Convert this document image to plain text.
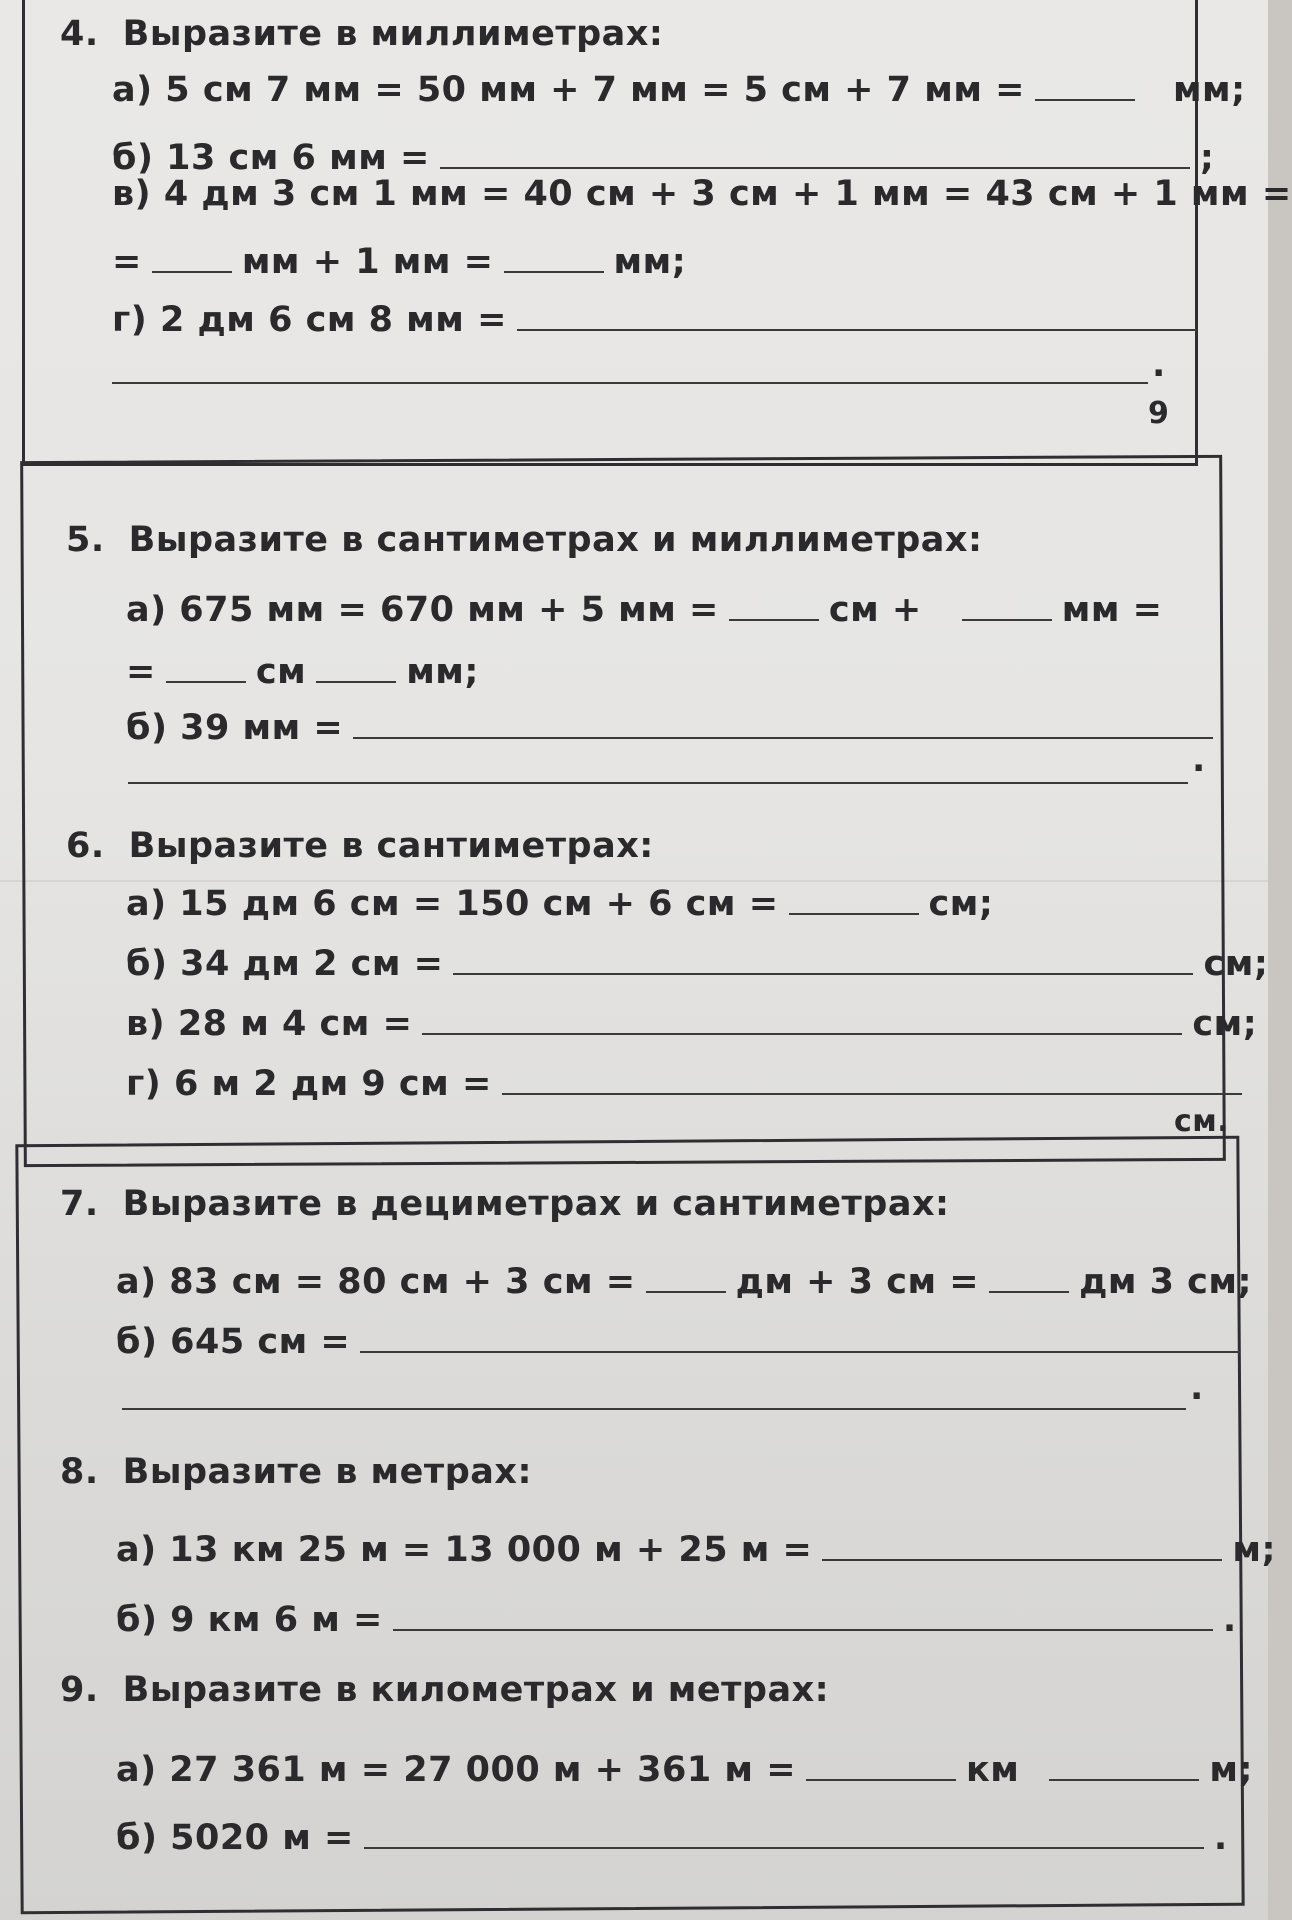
4. Выразите в миллиметрах:
а) 5 см 7 мм = 50 мм + 7 мм = 5 см + 7 мм =	мм;
б) 13 см 6 мм =	;
в) 4 дм 3 см 1 мм = 40 см + 3 см + 1 мм = 43 см + 1 мм =
=	мм + 1 мм =	мм;
г) 2 дм 6 см 8 мм =
.
9
5. Выразите в сантиметрах и миллиметрах:
а) 675 мм = 670 мм + 5 мм =	см +	мм =
=	см	мм;
б) 39 мм =
.
6. Выразите в сантиметрах:
а) 15 дм 6 см = 150 см + 6 см =	см;
б) 34 дм 2 см =	см;
в) 28 м 4 см =	см;
г) 6 м 2 дм 9 см =
см.
7. Выразите в дециметрах и сантиметрах:
а) 83 см = 80 см + 3 см =	дм + 3 см =	дм 3 см;
б) 645 см =
.
8. Выразите в метрах:
а) 13 км 25 м = 13 000 м + 25 м =	м;
б) 9 км 6 м =	.
9. Выразите в километрах и метрах:
а) 27 361 м = 27 000 м + 361 м =	км	м;
б) 5020 м =	.
